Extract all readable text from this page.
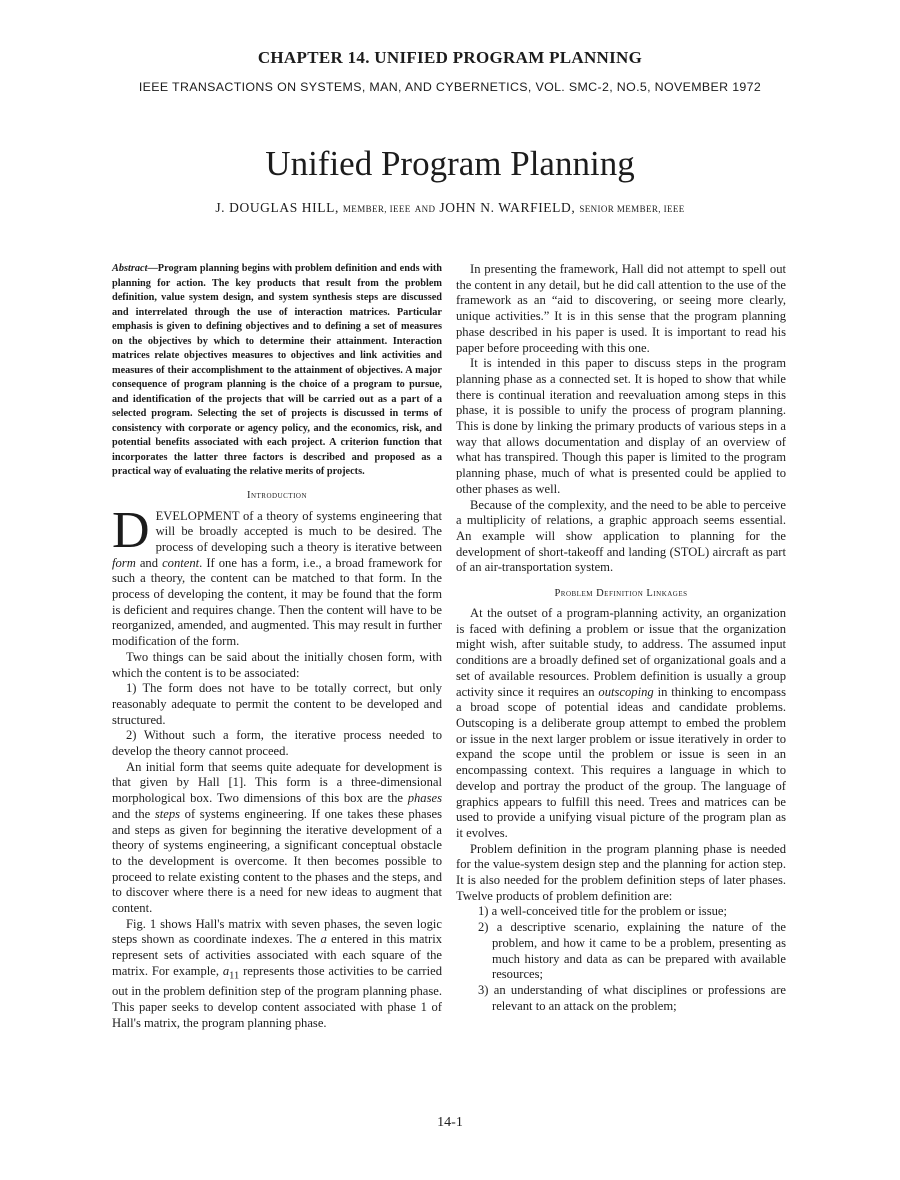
CHAPTER 14. UNIFIED PROGRAM PLANNING
IEEE TRANSACTIONS ON SYSTEMS, MAN, AND CYBERNETICS, VOL. SMC-2, NO.5, NOVEMBER 1972
Unified Program Planning
J. DOUGLAS HILL, MEMBER, IEEE AND JOHN N. WARFIELD, SENIOR MEMBER, IEEE

Abstract—Program planning begins with problem definition and ends with planning for action. The key products that result from the problem definition, value system design, and system synthesis steps are discussed and interrelated through the use of interaction matrices. Particular emphasis is given to defining objectives and to defining a set of measures on the objectives by which to determine their attainment. Interaction matrices relate objectives measures to objectives and link activities and measures of their accomplishment to the attainment of objectives. A major consequence of program planning is the choice of a program to pursue, and identification of the projects that will be carried out as a part of a selected program. Selecting the set of projects is discussed in terms of consistency with corporate or agency policy, and the economics, risk, and potential benefits associated with each project. A criterion function that incorporates the latter three factors is described and proposed as a practical way of evaluating the relative merits of projects.

Introduction

DEVELOPMENT of a theory of systems engineering that will be broadly accepted is much to be desired. The process of developing such a theory is iterative between form and content. If one has a form, i.e., a broad framework for such a theory, the content can be matched to that form. In the process of developing the content, it may be found that the form is deficient and requires change. Then the content will have to be reorganized, amended, and augmented. This may result in further modification of the form.

Two things can be said about the initially chosen form, with which the content is to be associated:

1) The form does not have to be totally correct, but only reasonably adequate to permit the content to be developed and structured.
2) Without such a form, the iterative process needed to develop the theory cannot proceed.

An initial form that seems quite adequate for development is that given by Hall [1]. This form is a three-dimensional morphological box. Two dimensions of this box are the phases and the steps of systems engineering. If one takes these phases and steps as given for beginning the iterative development of a theory of systems engineering, a significant conceptual obstacle to the development is overcome. It then becomes possible to proceed to relate existing content to the phases and the steps, and to discover where there is a need for new ideas to augment that content.

Fig. 1 shows Hall's matrix with seven phases, the seven logic steps shown as coordinate indexes. The a entered in this matrix represent sets of activities associated with each square of the matrix. For example, $a_{11}$ represents those activities to be carried out in the problem definition step of the program planning phase. This paper seeks to develop content associated with phase 1 of Hall's matrix, the program planning phase.

In presenting the framework, Hall did not attempt to spell out the content in any detail, but he did call attention to the use of the framework as an “aid to discovering, or seeing more clearly, unique activities.” It is in this sense that the program planning phase described in his paper is used. It is important to read his paper before proceeding with this one.

It is intended in this paper to discuss steps in the program planning phase as a connected set. It is hoped to show that while there is continual iteration and reevaluation among steps in this phase, it is possible to unify the process of program planning. This is done by linking the primary products of various steps in a way that allows documentation and display of an overview of what has transpired. Though this paper is limited to the program planning phase, much of what is presented could be applied to other phases as well.

Because of the complexity, and the need to be able to perceive a multiplicity of relations, a graphic approach seems essential. An example will show application to planning for the development of short-takeoff and landing (STOL) aircraft as part of an air-transportation system.

Problem Definition Linkages

At the outset of a program-planning activity, an organization is faced with defining a problem or issue that the organization might wish, after suitable study, to address. The assumed input conditions are a broadly defined set of organizational goals and a set of available resources. Problem definition is usually a group activity since it requires an outscoping in thinking to encompass a broad scope of potential ideas and candidate problems. Outscoping is a deliberate group attempt to embed the problem or issue in the next larger problem or issue iteratively in order to expand the scope until the problem or issue is seen in an encompassing context. This requires a language in which to develop and portray the product of the group. The language of graphics appears to fulfill this need. Trees and matrices can be used to provide a unifying visual picture of the program plan as it evolves.

Problem definition in the program planning phase is needed for the value-system design step and the planning for action step. It is also needed for the problem definition steps of later phases. Twelve products of problem definition are:

1) a well-conceived title for the problem or issue;
2) a descriptive scenario, explaining the nature of the problem, and how it came to be a problem, presenting as much history and data as can be prepared with available resources;
3) an understanding of what disciplines or professions are relevant to an attack on the problem;
14-1
